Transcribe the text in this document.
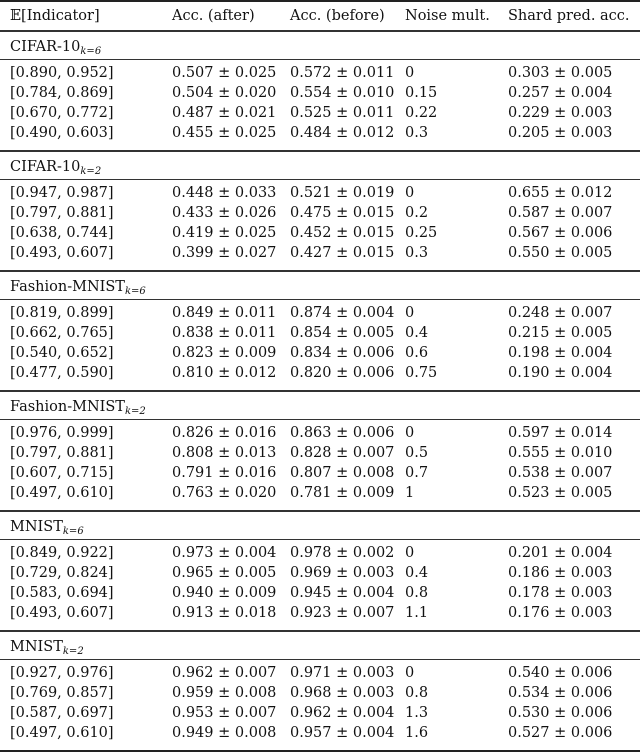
𝔼[Indicator]	Acc. (after) Acc. (before) Noise mult. Shard pred. acc.
CIFAR-$10_{k=6}$
[0.890, 0.952]	0.507 ± 0.025 0.572 ± 0.011 0	0.303 ± 0.005
[0.784, 0.869]	0.504 ± 0.020 0.554 ± 0.010 0.15	0.257 ± 0.004
[0.670, 0.772]	0.487 ± 0.021 0.525 ± 0.011 0.22	0.229 ± 0.003
[0.490, 0.603]	0.455 ± 0.025 0.484 ± 0.012 0.3	0.205 ± 0.003
CIFAR-$10_{k=2}$
[0.947, 0.987]	0.448 ± 0.033 0.521 ± 0.019 0	0.655 ± 0.012
[0.797, 0.881]	0.433 ± 0.026 0.475 ± 0.015 0.2	0.587 ± 0.007
[0.638, 0.744]	0.419 ± 0.025 0.452 ± 0.015 0.25	0.567 ± 0.006
[0.493, 0.607]	0.399 ± 0.027 0.427 ± 0.015 0.3	0.550 ± 0.005
Fashion-$MNIST_{k=6}$
[0.819, 0.899]	0.849 ± 0.011 0.874 ± 0.004 0	0.248 ± 0.007
[0.662, 0.765]	0.838 ± 0.011 0.854 ± 0.005 0.4	0.215 ± 0.005
[0.540, 0.652]	0.823 ± 0.009 0.834 ± 0.006 0.6	0.198 ± 0.004
[0.477, 0.590]	0.810 ± 0.012 0.820 ± 0.006 0.75	0.190 ± 0.004
Fashion-$MNIST_{k=2}$
[0.976, 0.999]	0.826 ± 0.016 0.863 ± 0.006 0	0.597 ± 0.014
[0.797, 0.881]	0.808 ± 0.013 0.828 ± 0.007 0.5	0.555 ± 0.010
[0.607, 0.715]	0.791 ± 0.016 0.807 ± 0.008 0.7	0.538 ± 0.007
[0.497, 0.610]	0.763 ± 0.020 0.781 ± 0.009 1	0.523 ± 0.005
$MNIST_{k=6}$
[0.849, 0.922]	0.973 ± 0.004 0.978 ± 0.002 0	0.201 ± 0.004
[0.729, 0.824]	0.965 ± 0.005 0.969 ± 0.003 0.4	0.186 ± 0.003
[0.583, 0.694]	0.940 ± 0.009 0.945 ± 0.004 0.8	0.178 ± 0.003
[0.493, 0.607]	0.913 ± 0.018 0.923 ± 0.007 1.1	0.176 ± 0.003
$MNIST_{k=2}$
[0.927, 0.976]	0.962 ± 0.007 0.971 ± 0.003 0	0.540 ± 0.006
[0.769, 0.857]	0.959 ± 0.008 0.968 ± 0.003 0.8	0.534 ± 0.006
[0.587, 0.697]	0.953 ± 0.007 0.962 ± 0.004 1.3	0.530 ± 0.006
[0.497, 0.610]	0.949 ± 0.008 0.957 ± 0.004 1.6	0.527 ± 0.006
